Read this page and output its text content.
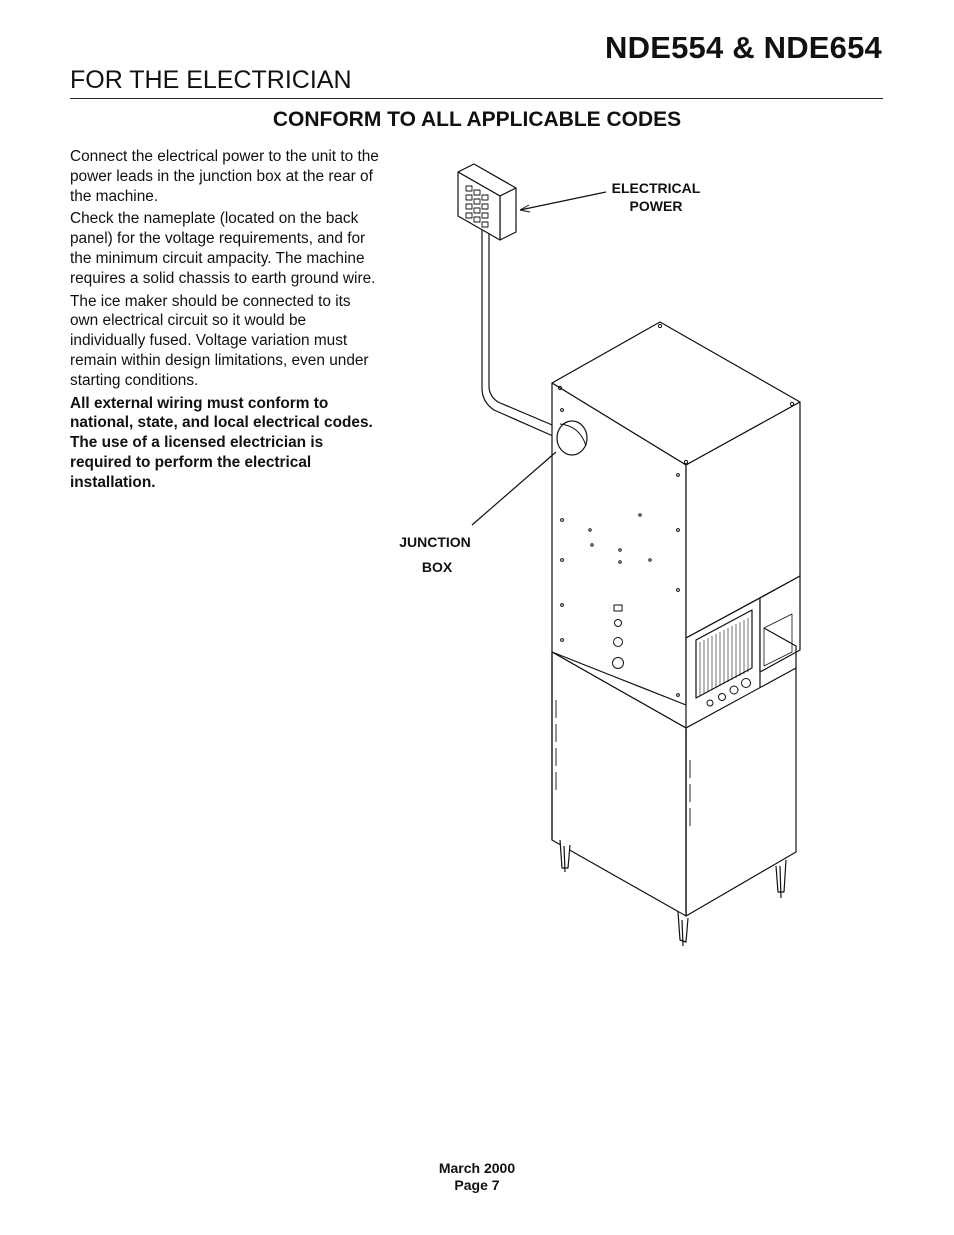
NDE554 & NDE654
FOR THE ELECTRICIAN
CONFORM TO ALL APPLICABLE CODES

Connect the electrical power to the unit to the power leads in the junction box at the rear of the machine.

Check the nameplate (located on the back panel) for the voltage requirements, and for the minimum circuit ampacity. The machine requires a solid chassis to earth ground wire.

The ice maker should be connected to its own electrical circuit so it would be individually fused. Voltage variation must remain within design limitations, even under starting conditions.

All external wiring must conform to national, state, and local electrical codes. The use of a licensed electrician is required to perform the electrical installation.

ELECTRICAL
POWER
JUNCTION
BOX
March 2000
Page 7
